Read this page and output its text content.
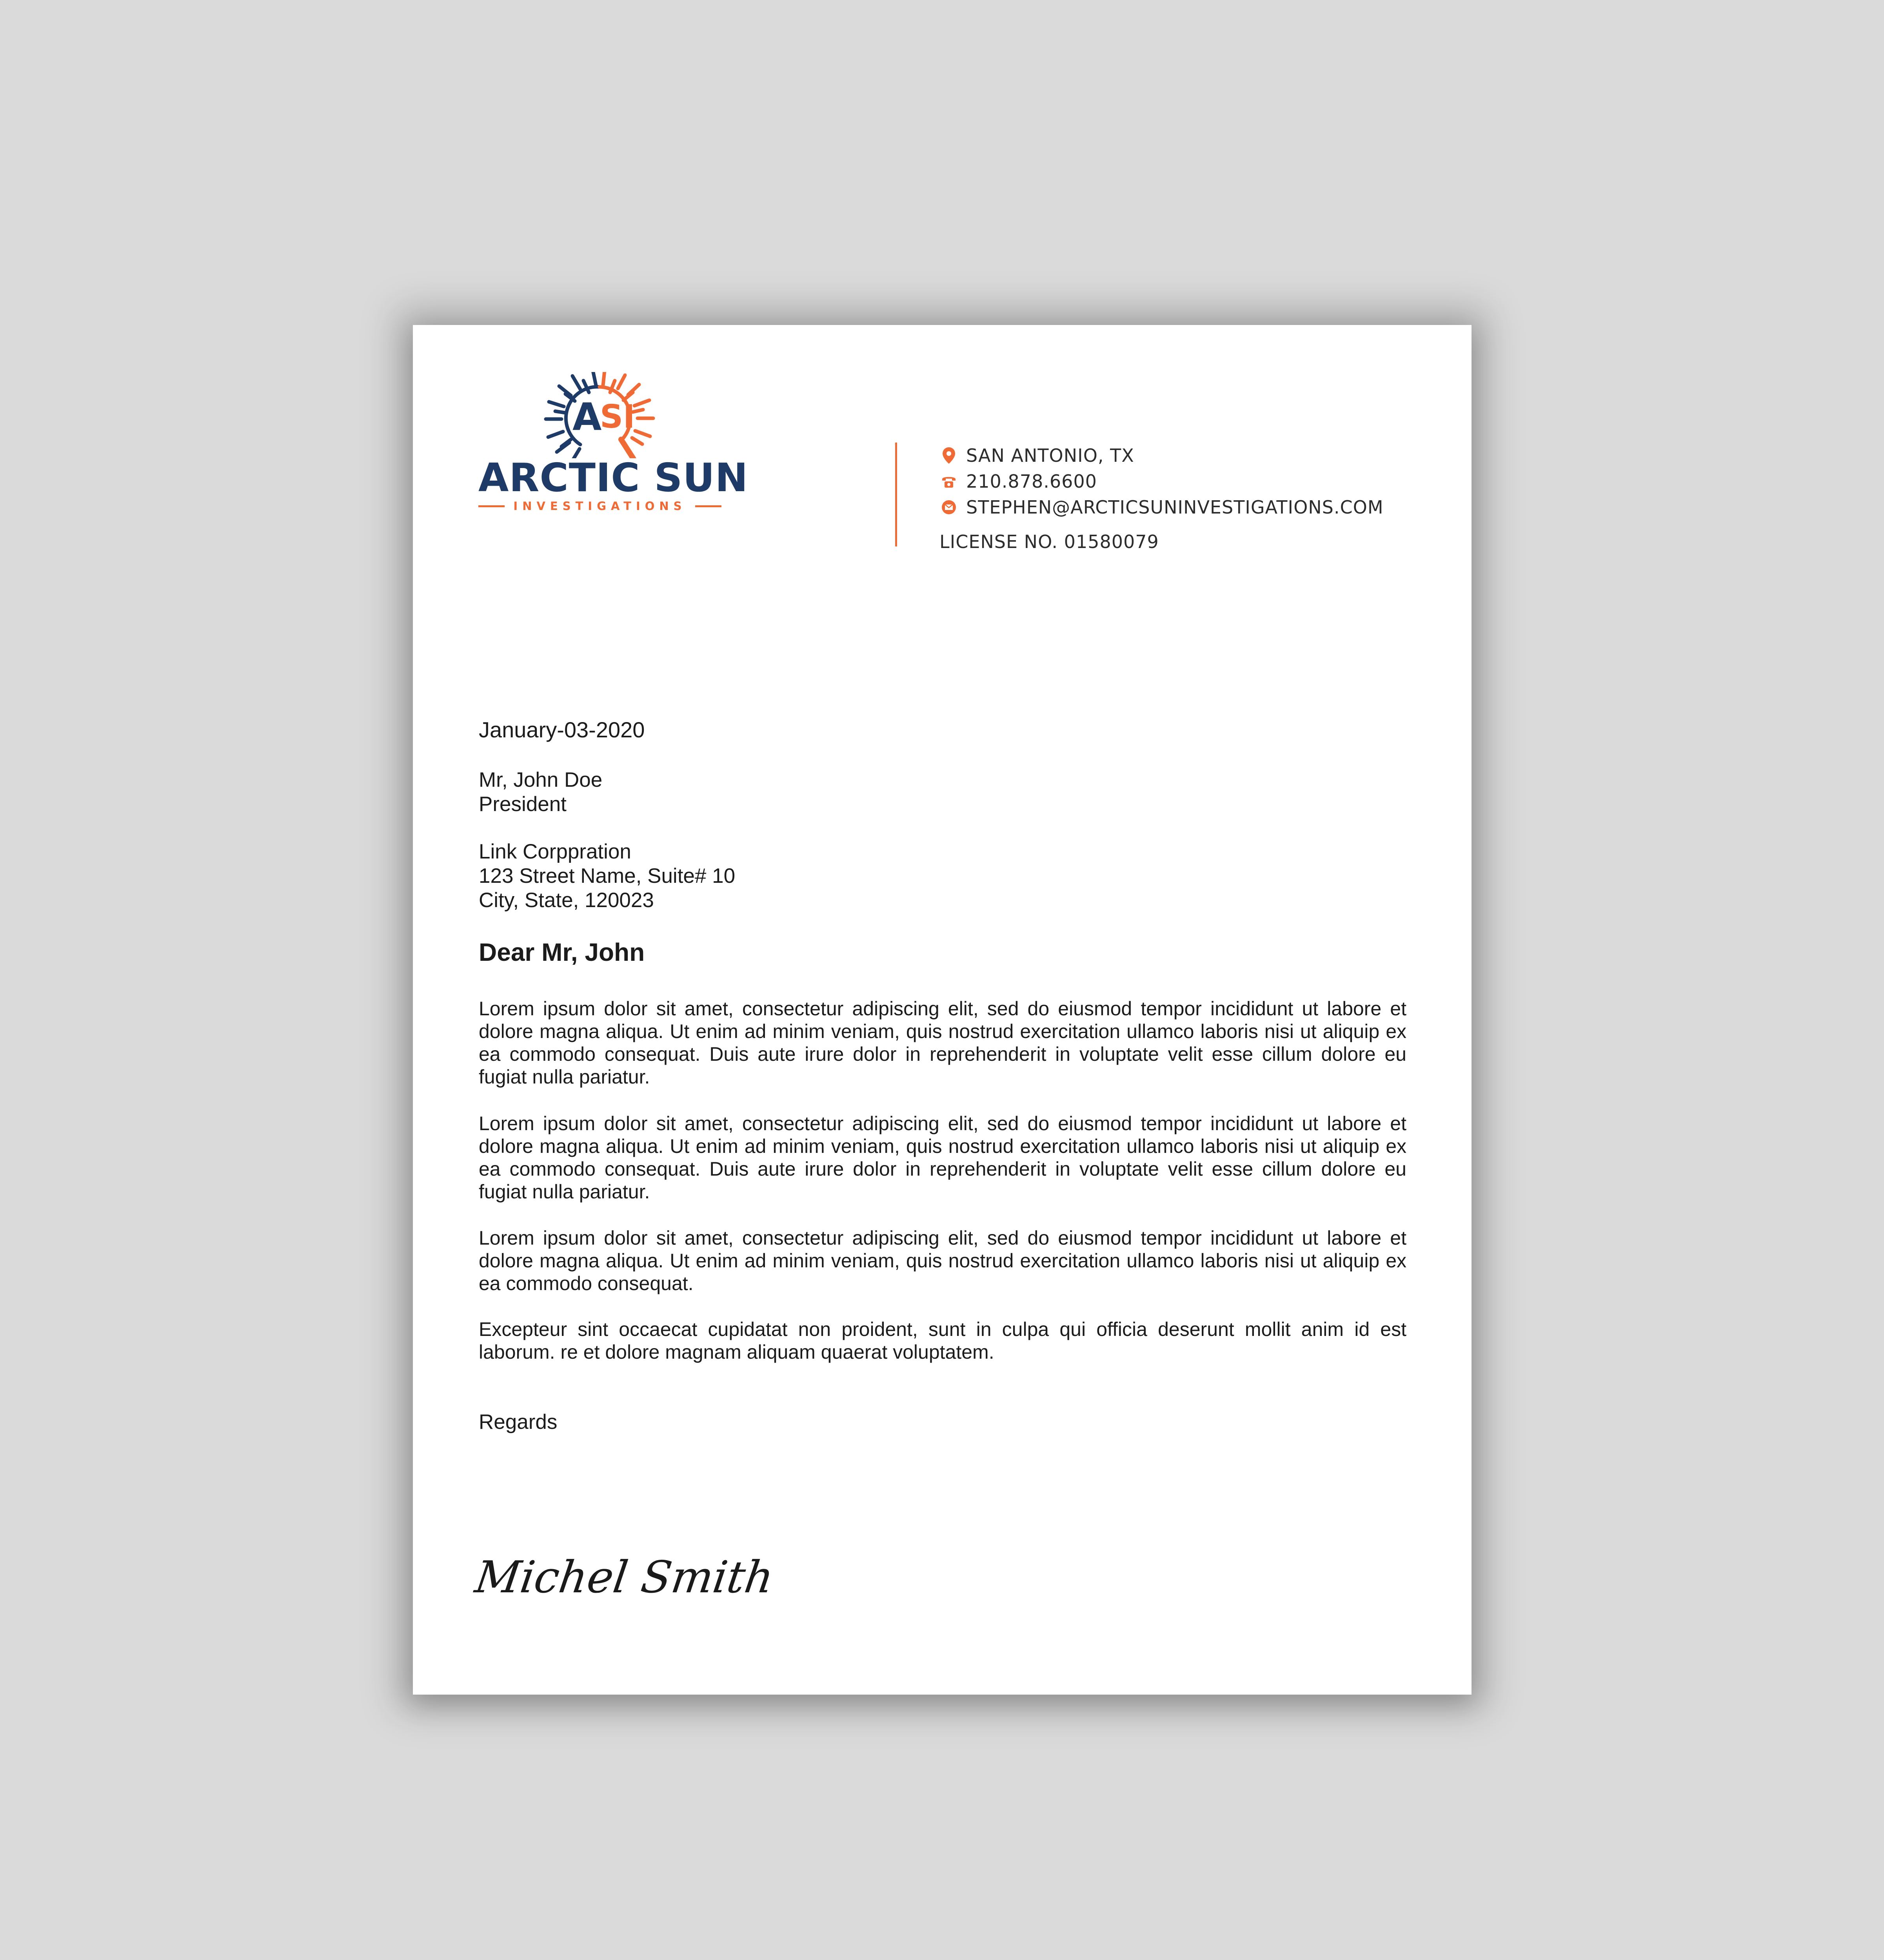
A
SI
ARCTIC SUN
INVESTIGATIONS
SAN ANTONIO, TX
210.878.6600
STEPHEN@ARCTICSUNINVESTIGATIONS.COM
LICENSE NO. 01580079
January-03-2020
Mr, John Doe
President
Link Corppration
123 Street Name, Suite# 10
City, State, 120023
Dear Mr, John
Lorem ipsum dolor sit amet, consectetur adipiscing elit, sed do eiusmod tempor incididunt ut labore et dolore magna aliqua. Ut enim ad minim veniam, quis nostrud exercitation ullamco laboris nisi ut aliquip ex ea commodo consequat. Duis aute irure dolor in reprehenderit in voluptate velit esse cillum dolore eu fugiat nulla pariatur.
Lorem ipsum dolor sit amet, consectetur adipiscing elit, sed do eiusmod tempor incididunt ut labore et dolore magna aliqua. Ut enim ad minim veniam, quis nostrud exercitation ullamco laboris nisi ut aliquip ex ea commodo consequat. Duis aute irure dolor in reprehenderit in voluptate velit esse cillum dolore eu fugiat nulla pariatur.
Lorem ipsum dolor sit amet, consectetur adipiscing elit, sed do eiusmod tempor incididunt ut labore et dolore magna aliqua. Ut enim ad minim veniam, quis nostrud exercitation ullamco laboris nisi ut aliquip ex ea commodo consequat.
Excepteur sint occaecat cupidatat non proident, sunt in culpa qui officia deserunt mollit anim id est laborum. re et dolore magnam aliquam quaerat voluptatem.
Regards
Michel Smith
